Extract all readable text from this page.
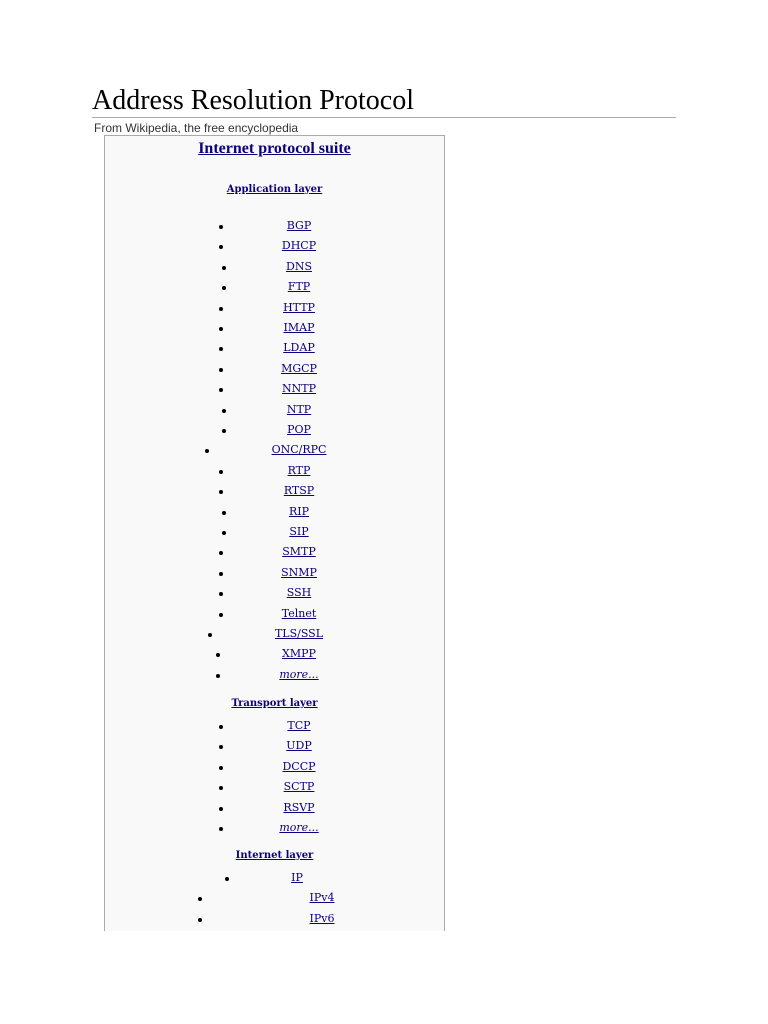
Address Resolution Protocol
From Wikipedia, the free encyclopedia
Internet protocol suite
Application layer
BGP
DHCP
DNS
FTP
HTTP
IMAP
LDAP
MGCP
NNTP
NTP
POP
ONC/RPC
RTP
RTSP
RIP
SIP
SMTP
SNMP
SSH
Telnet
TLS/SSL
XMPP
more...
Transport layer
TCP
UDP
DCCP
SCTP
RSVP
more...
Internet layer
IP
IPv4
IPv6
